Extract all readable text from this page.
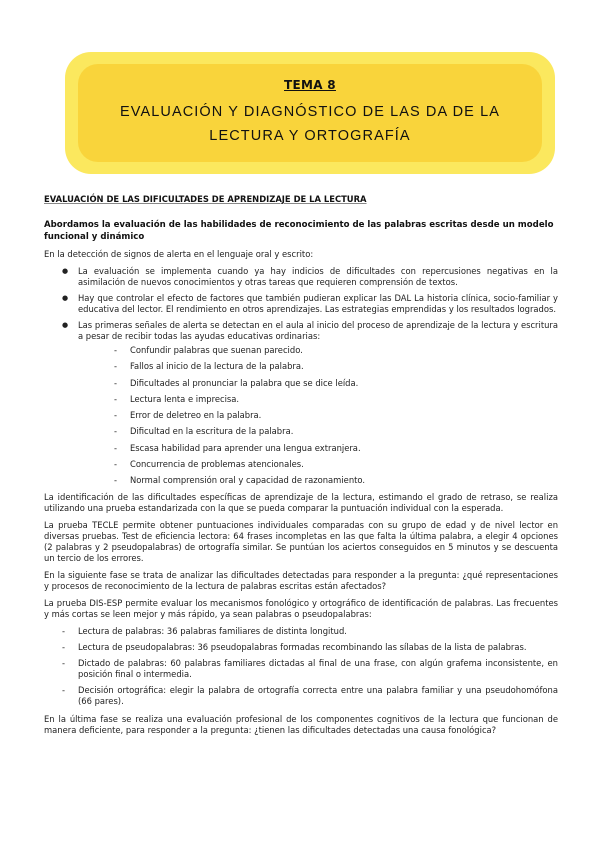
TEMA 8
EVALUACIÓN Y DIAGNÓSTICO DE LAS DA DE LA
LECTURA Y ORTOGRAFÍA
EVALUACIÓN DE LAS DIFICULTADES DE APRENDIZAJE DE LA LECTURA
Abordamos la evaluación de las habilidades de reconocimiento de las palabras escritas desde un modelo funcional y dinámico

En la detección de signos de alerta en el lenguaje oral y escrito:

● La evaluación se implementa cuando ya hay indicios de dificultades con repercusiones negativas en la asimilación de nuevos conocimientos y otras tareas que requieren comprensión de textos.
● Hay que controlar el efecto de factores que también pudieran explicar las DAL La historia clínica, socio-familiar y educativa del lector. El rendimiento en otros aprendizajes. Las estrategias emprendidas y los resultados logrados.
● Las primeras señales de alerta se detectan en el aula al inicio del proceso de aprendizaje de la lectura y escritura a pesar de recibir todas las ayudas educativas ordinarias:
- Confundir palabras que suenan parecido.
- Fallos al inicio de la lectura de la palabra.
- Dificultades al pronunciar la palabra que se dice leída.
- Lectura lenta e imprecisa.
- Error de deletreo en la palabra.
- Dificultad en la escritura de la palabra.
- Escasa habilidad para aprender una lengua extranjera.
- Concurrencia de problemas atencionales.
- Normal comprensión oral y capacidad de razonamiento.

La identificación de las dificultades específicas de aprendizaje de la lectura, estimando el grado de retraso, se realiza utilizando una prueba estandarizada con la que se pueda comparar la puntuación individual con la esperada.

La prueba TECLE permite obtener puntuaciones individuales comparadas con su grupo de edad y de nivel lector en diversas pruebas. Test de eficiencia lectora: 64 frases incompletas en las que falta la última palabra, a elegir 4 opciones (2 palabras y 2 pseudopalabras) de ortografía similar. Se puntúan los aciertos conseguidos en 5 minutos y se descuenta un tercio de los errores.

En la siguiente fase se trata de analizar las dificultades detectadas para responder a la pregunta: ¿qué representaciones y procesos de reconocimiento de la lectura de palabras escritas están afectados?

La prueba DIS-ESP permite evaluar los mecanismos fonológico y ortográfico de identificación de palabras. Las frecuentes y más cortas se leen mejor y más rápido, ya sean palabras o pseudopalabras:

- Lectura de palabras: 36 palabras familiares de distinta longitud.
- Lectura de pseudopalabras: 36 pseudopalabras formadas recombinando las sílabas de la lista de palabras.
- Dictado de palabras: 60 palabras familiares dictadas al final de una frase, con algún grafema inconsistente, en posición final o intermedia.
- Decisión ortográfica: elegir la palabra de ortografía correcta entre una palabra familiar y una pseudohomófona (66 pares).

En la última fase se realiza una evaluación profesional de los componentes cognitivos de la lectura que funcionan de manera deficiente, para responder a la pregunta: ¿tienen las dificultades detectadas una causa fonológica?
